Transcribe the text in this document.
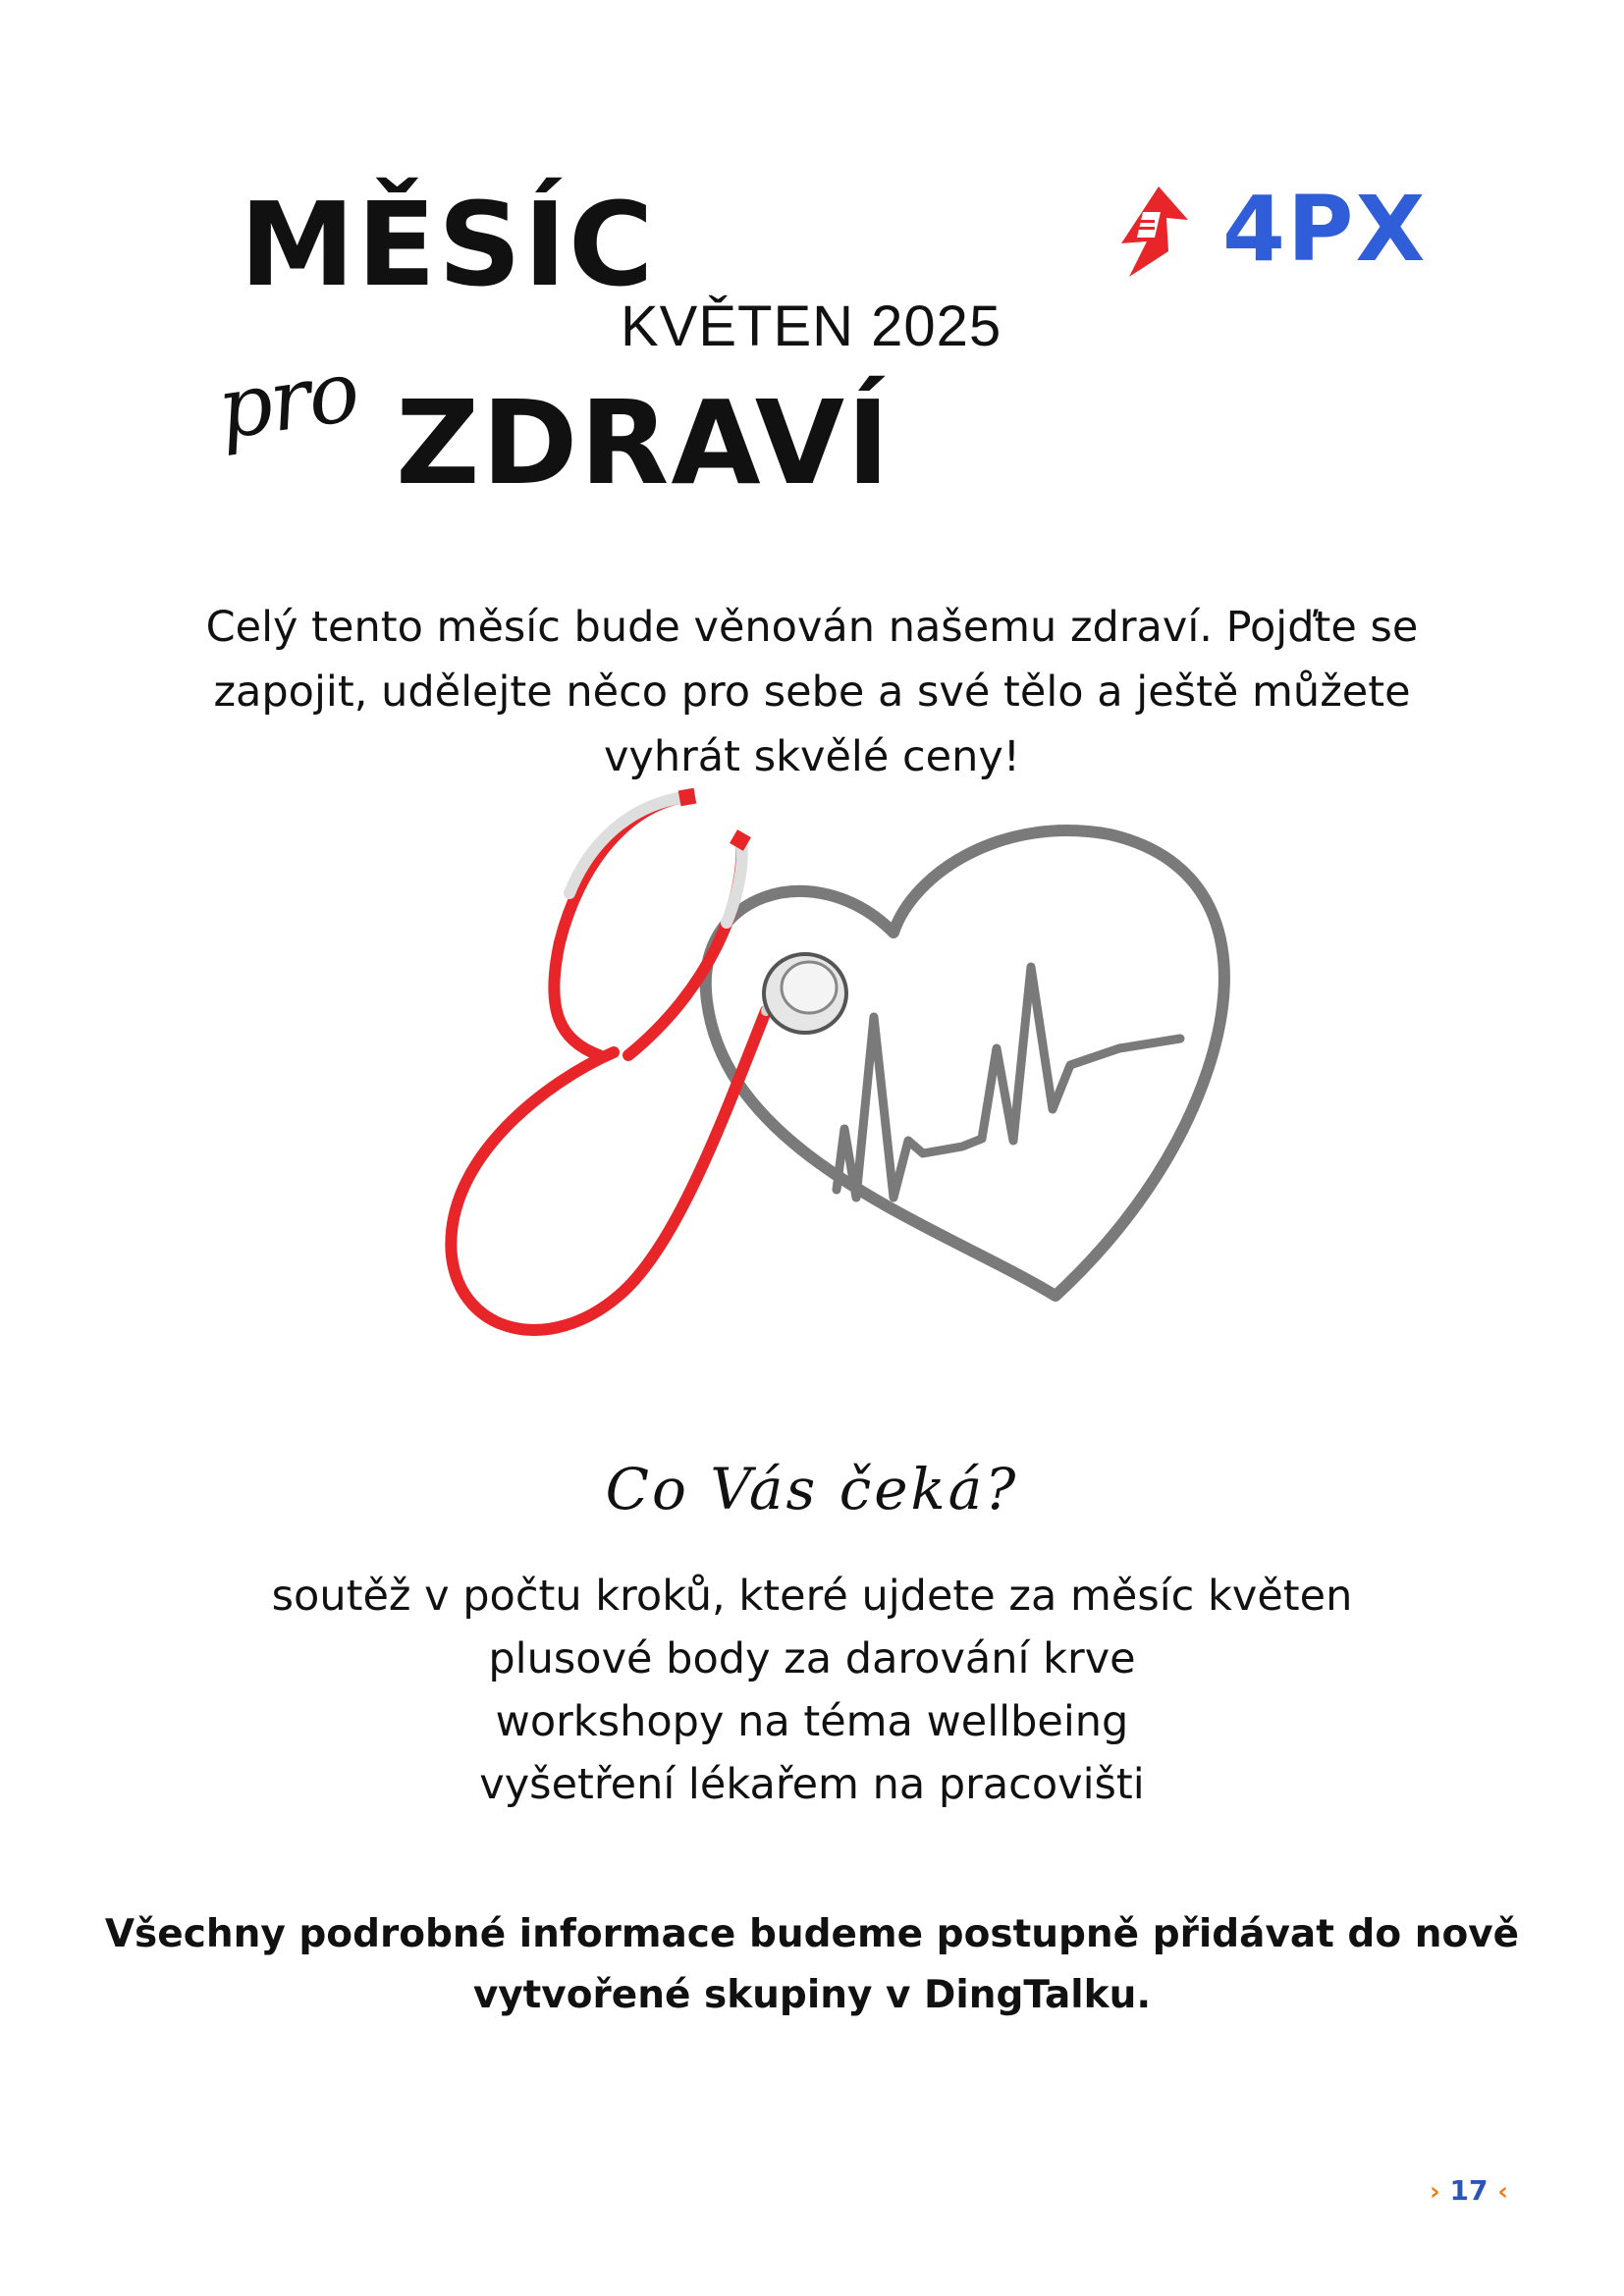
MĚSÍC
KVĚTEN 2025
pro ZDRAVÍ
4PX
Celý tento měsíc bude věnován našemu zdraví. Pojďte se
zapojit, udělejte něco pro sebe a své tělo a ještě můžete
vyhrát skvělé ceny!
Co Vás čeká?
soutěž v počtu kroků, které ujdete za měsíc květen
plusové body za darování krve
workshopy na téma wellbeing
vyšetření lékařem na pracovišti
Všechny podrobné informace budeme postupně přidávat do nově
vytvořené skupiny v DingTalku.
› 17 ‹
